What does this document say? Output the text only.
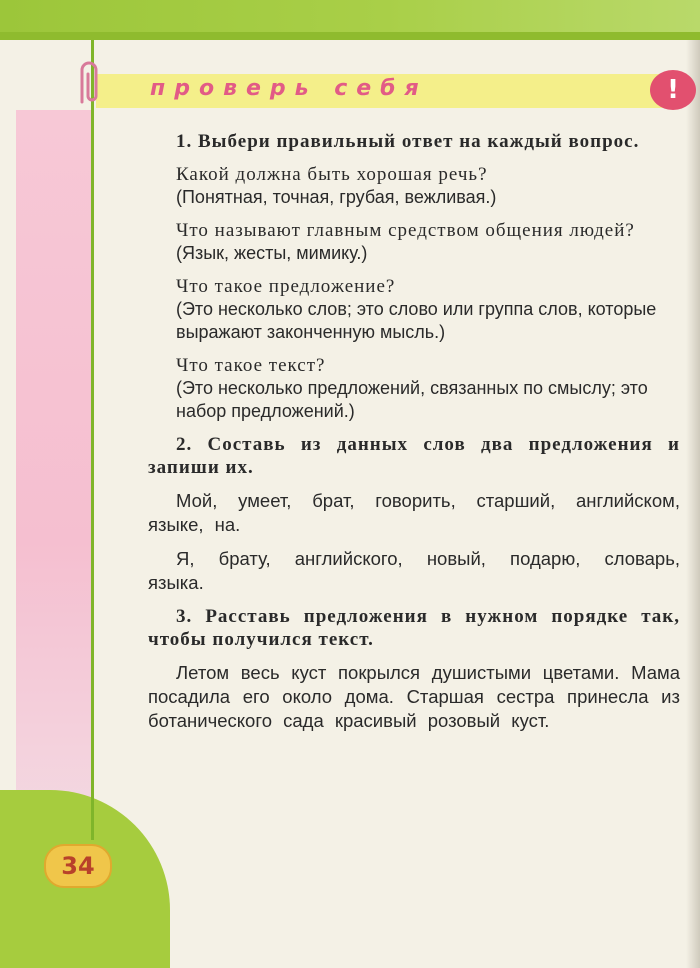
проверь себя	!

1. Выбери правильный ответ на каждый вопрос.

Какой должна быть хорошая речь?

(Понятная, точная, грубая, вежливая.)

Что называют главным средством общения людей?

(Язык, жесты, мимику.)

Что такое предложение?

(Это несколько слов; это слово или группа слов, которые выражают законченную мысль.)

Что такое текст?

(Это несколько предложений, связанных по смыслу; это набор предложений.)

2. Составь из данных слов два предложения и запиши их.

Мой, умеет, брат, говорить, старший, английском, языке, на.

Я, брату, английского, новый, подарю, словарь, языка.

3. Расставь предложения в нужном порядке так, чтобы получился текст.

Летом весь куст покрылся душистыми цветами. Мама посадила его около дома. Старшая сестра принесла из ботанического сада красивый розовый куст.

34
